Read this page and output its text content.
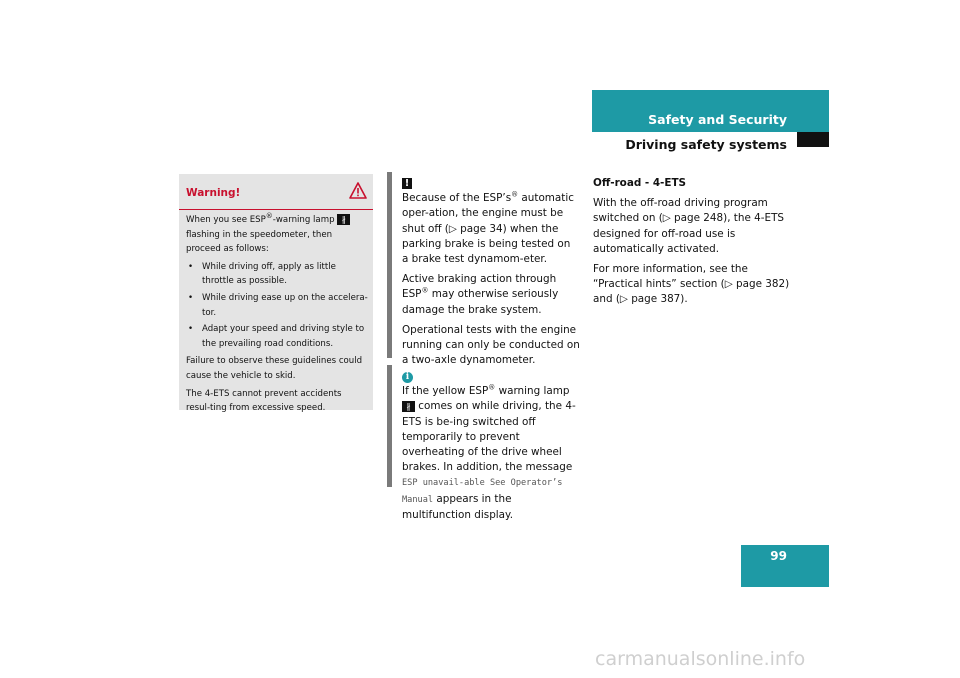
Safety and Security
Driving safety systems
Warning!

When you see ESP®-warning lamp ∦ flashing in the speedometer, then proceed as follows:

• While driving off, apply as little throttle as possible.
• While driving ease up on the accelera-tor.
• Adapt your speed and driving style to the prevailing road conditions.

Failure to observe these guidelines could cause the vehicle to skid.

The 4-ETS cannot prevent accidents resul-ting from excessive speed.

!

Because of the ESP’s® automatic oper-ation, the engine must be shut off (▷ page 34) when the parking brake is being tested on a brake test dynamom-eter.

Active braking action through ESP® may otherwise seriously damage the brake system.

Operational tests with the engine running can only be conducted on a two-axle dynamometer.

i

If the yellow ESP® warning lamp ∦ comes on while driving, the 4-ETS is be-ing switched off temporarily to prevent overheating of the drive wheel brakes. In addition, the message ESP unavail-able See Operator’s Manual appears in the multifunction display.

Off-road - 4-ETS

With the off-road driving program switched on (▷ page 248), the 4-ETS designed for off-road use is automatically activated.

For more information, see the “Practical hints” section (▷ page 382) and (▷ page 387).

99
carmanualsonline.info
